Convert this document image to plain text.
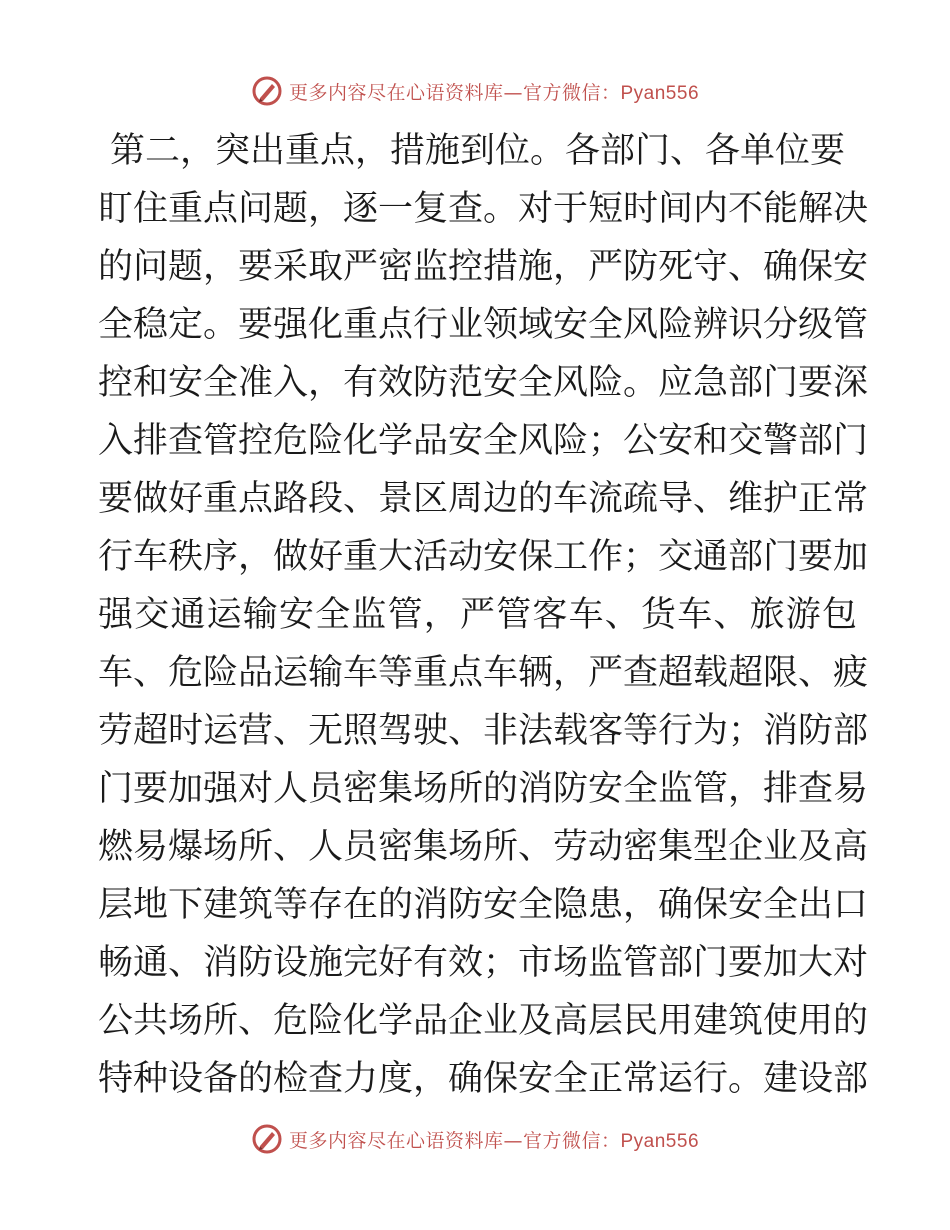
更多内容尽在心语资料库—官方微信：Pyan556
第二，突出重点，措施到位。各部门、各单位要
盯住重点问题，逐一复查。对于短时间内不能解决
的问题，要采取严密监控措施，严防死守、确保安
全稳定。要强化重点行业领域安全风险辨识分级管
控和安全准入，有效防范安全风险。应急部门要深
入排查管控危险化学品安全风险；公安和交警部门
要做好重点路段、景区周边的车流疏导、维护正常
行车秩序，做好重大活动安保工作；交通部门要加
强交通运输安全监管，严管客车、货车、旅游包
车、危险品运输车等重点车辆，严查超载超限、疲
劳超时运营、无照驾驶、非法载客等行为；消防部
门要加强对人员密集场所的消防安全监管，排查易
燃易爆场所、人员密集场所、劳动密集型企业及高
层地下建筑等存在的消防安全隐患，确保安全出口
畅通、消防设施完好有效；市场监管部门要加大对
公共场所、危险化学品企业及高层民用建筑使用的
特种设备的检查力度，确保安全正常运行。建设部
更多内容尽在心语资料库—官方微信：Pyan556
